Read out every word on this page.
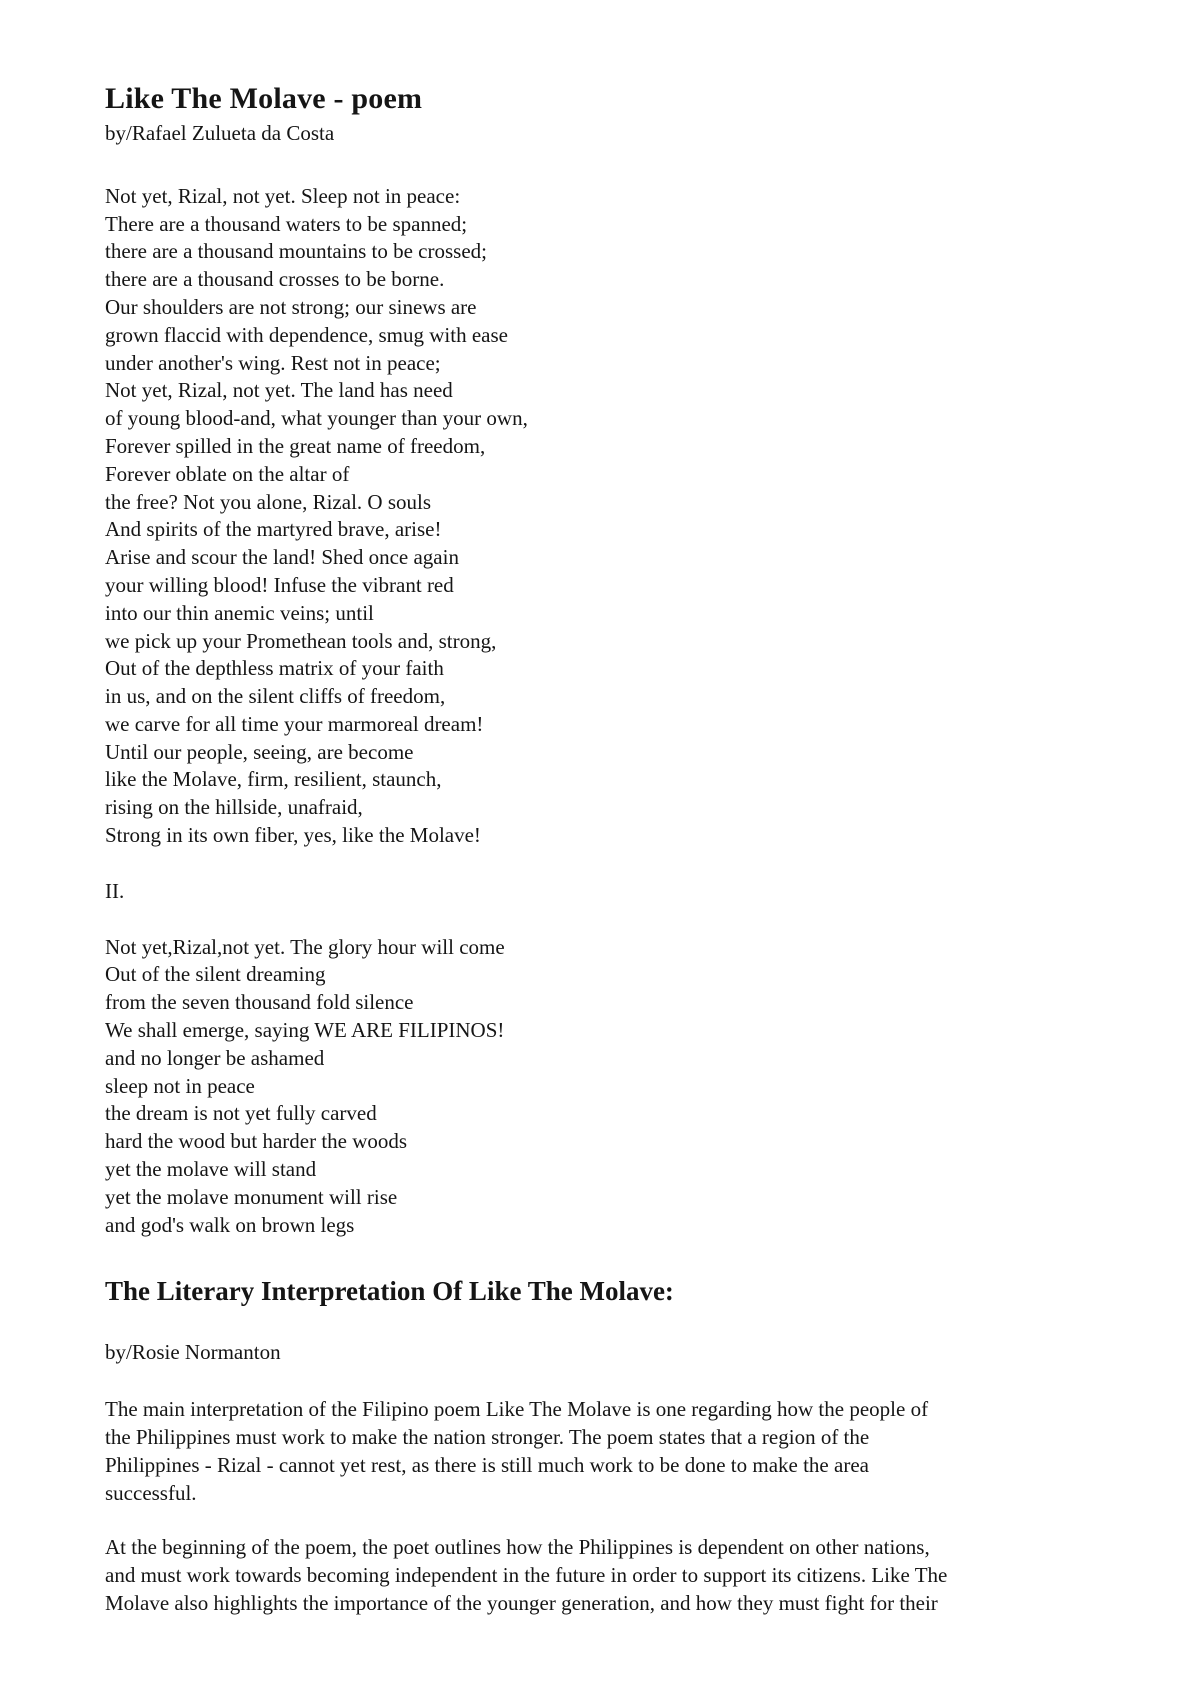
Like The Molave - poem
by/Rafael Zulueta da Costa
Not yet, Rizal, not yet. Sleep not in peace:
There are a thousand waters to be spanned;
there are a thousand mountains to be crossed;
there are a thousand crosses to be borne.
Our shoulders are not strong; our sinews are
grown flaccid with dependence, smug with ease
under another's wing. Rest not in peace;
Not yet, Rizal, not yet. The land has need
of young blood-and, what younger than your own,
Forever spilled in the great name of freedom,
Forever oblate on the altar of
the free? Not you alone, Rizal. O souls
And spirits of the martyred brave, arise!
Arise and scour the land! Shed once again
your willing blood! Infuse the vibrant red
into our thin anemic veins; until
we pick up your Promethean tools and, strong,
Out of the depthless matrix of your faith
in us, and on the silent cliffs of freedom,
we carve for all time your marmoreal dream!
Until our people, seeing, are become
like the Molave, firm, resilient, staunch,
rising on the hillside, unafraid,
Strong in its own fiber, yes, like the Molave!
II.
Not yet,Rizal,not yet. The glory hour will come
Out of the silent dreaming
from the seven thousand fold silence
We shall emerge, saying WE ARE FILIPINOS!
and no longer be ashamed
sleep not in peace
the dream is not yet fully carved
hard the wood but harder the woods
yet the molave will stand
yet the molave monument will rise
and god's walk on brown legs
The Literary Interpretation Of Like The Molave:
by/Rosie Normanton
The main interpretation of the Filipino poem Like The Molave is one regarding how the people of
the Philippines must work to make the nation stronger. The poem states that a region of the
Philippines - Rizal - cannot yet rest, as there is still much work to be done to make the area
successful.
At the beginning of the poem, the poet outlines how the Philippines is dependent on other nations,
and must work towards becoming independent in the future in order to support its citizens. Like The
Molave also highlights the importance of the younger generation, and how they must fight for their
